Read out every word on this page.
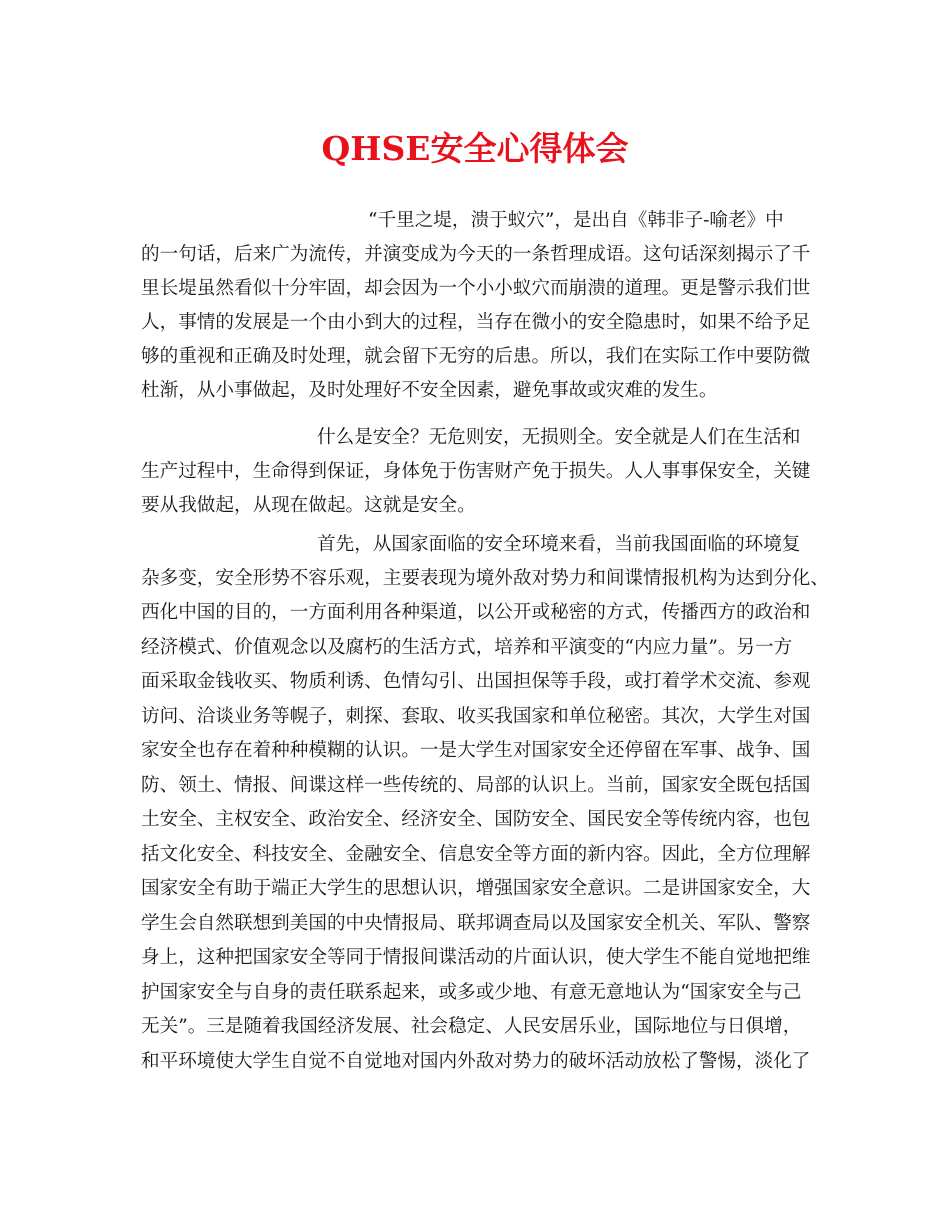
QHSE安全心得体会
“千里之堤，溃于蚁穴”，是出自《韩非子-喻老》中
的一句话，后来广为流传，并演变成为今天的一条哲理成语。这句话深刻揭示了千
里长堤虽然看似十分牢固，却会因为一个小小蚁穴而崩溃的道理。更是警示我们世
人，事情的发展是一个由小到大的过程，当存在微小的安全隐患时，如果不给予足
够的重视和正确及时处理，就会留下无穷的后患。所以，我们在实际工作中要防微
杜渐，从小事做起，及时处理好不安全因素，避免事故或灾难的发生。
什么是安全？无危则安，无损则全。安全就是人们在生活和
生产过程中，生命得到保证，身体免于伤害财产免于损失。人人事事保安全，关键
要从我做起，从现在做起。这就是安全。
首先，从国家面临的安全环境来看，当前我国面临的环境复
杂多变，安全形势不容乐观，主要表现为境外敌对势力和间谍情报机构为达到分化、
西化中国的目的，一方面利用各种渠道，以公开或秘密的方式，传播西方的政治和
经济模式、价值观念以及腐朽的生活方式，培养和平演变的“内应力量”。另一方
面采取金钱收买、物质利诱、色情勾引、出国担保等手段，或打着学术交流、参观
访问、洽谈业务等幌子，刺探、套取、收买我国家和单位秘密。其次，大学生对国
家安全也存在着种种模糊的认识。一是大学生对国家安全还停留在军事、战争、国
防、领土、情报、间谍这样一些传统的、局部的认识上。当前，国家安全既包括国
土安全、主权安全、政治安全、经济安全、国防安全、国民安全等传统内容，也包
括文化安全、科技安全、金融安全、信息安全等方面的新内容。因此，全方位理解
国家安全有助于端正大学生的思想认识，增强国家安全意识。二是讲国家安全，大
学生会自然联想到美国的中央情报局、联邦调查局以及国家安全机关、军队、警察
身上，这种把国家安全等同于情报间谍活动的片面认识，使大学生不能自觉地把维
护国家安全与自身的责任联系起来，或多或少地、有意无意地认为“国家安全与己
无关”。三是随着我国经济发展、社会稳定、人民安居乐业，国际地位与日俱增，
和平环境使大学生自觉不自觉地对国内外敌对势力的破坏活动放松了警惕，淡化了
